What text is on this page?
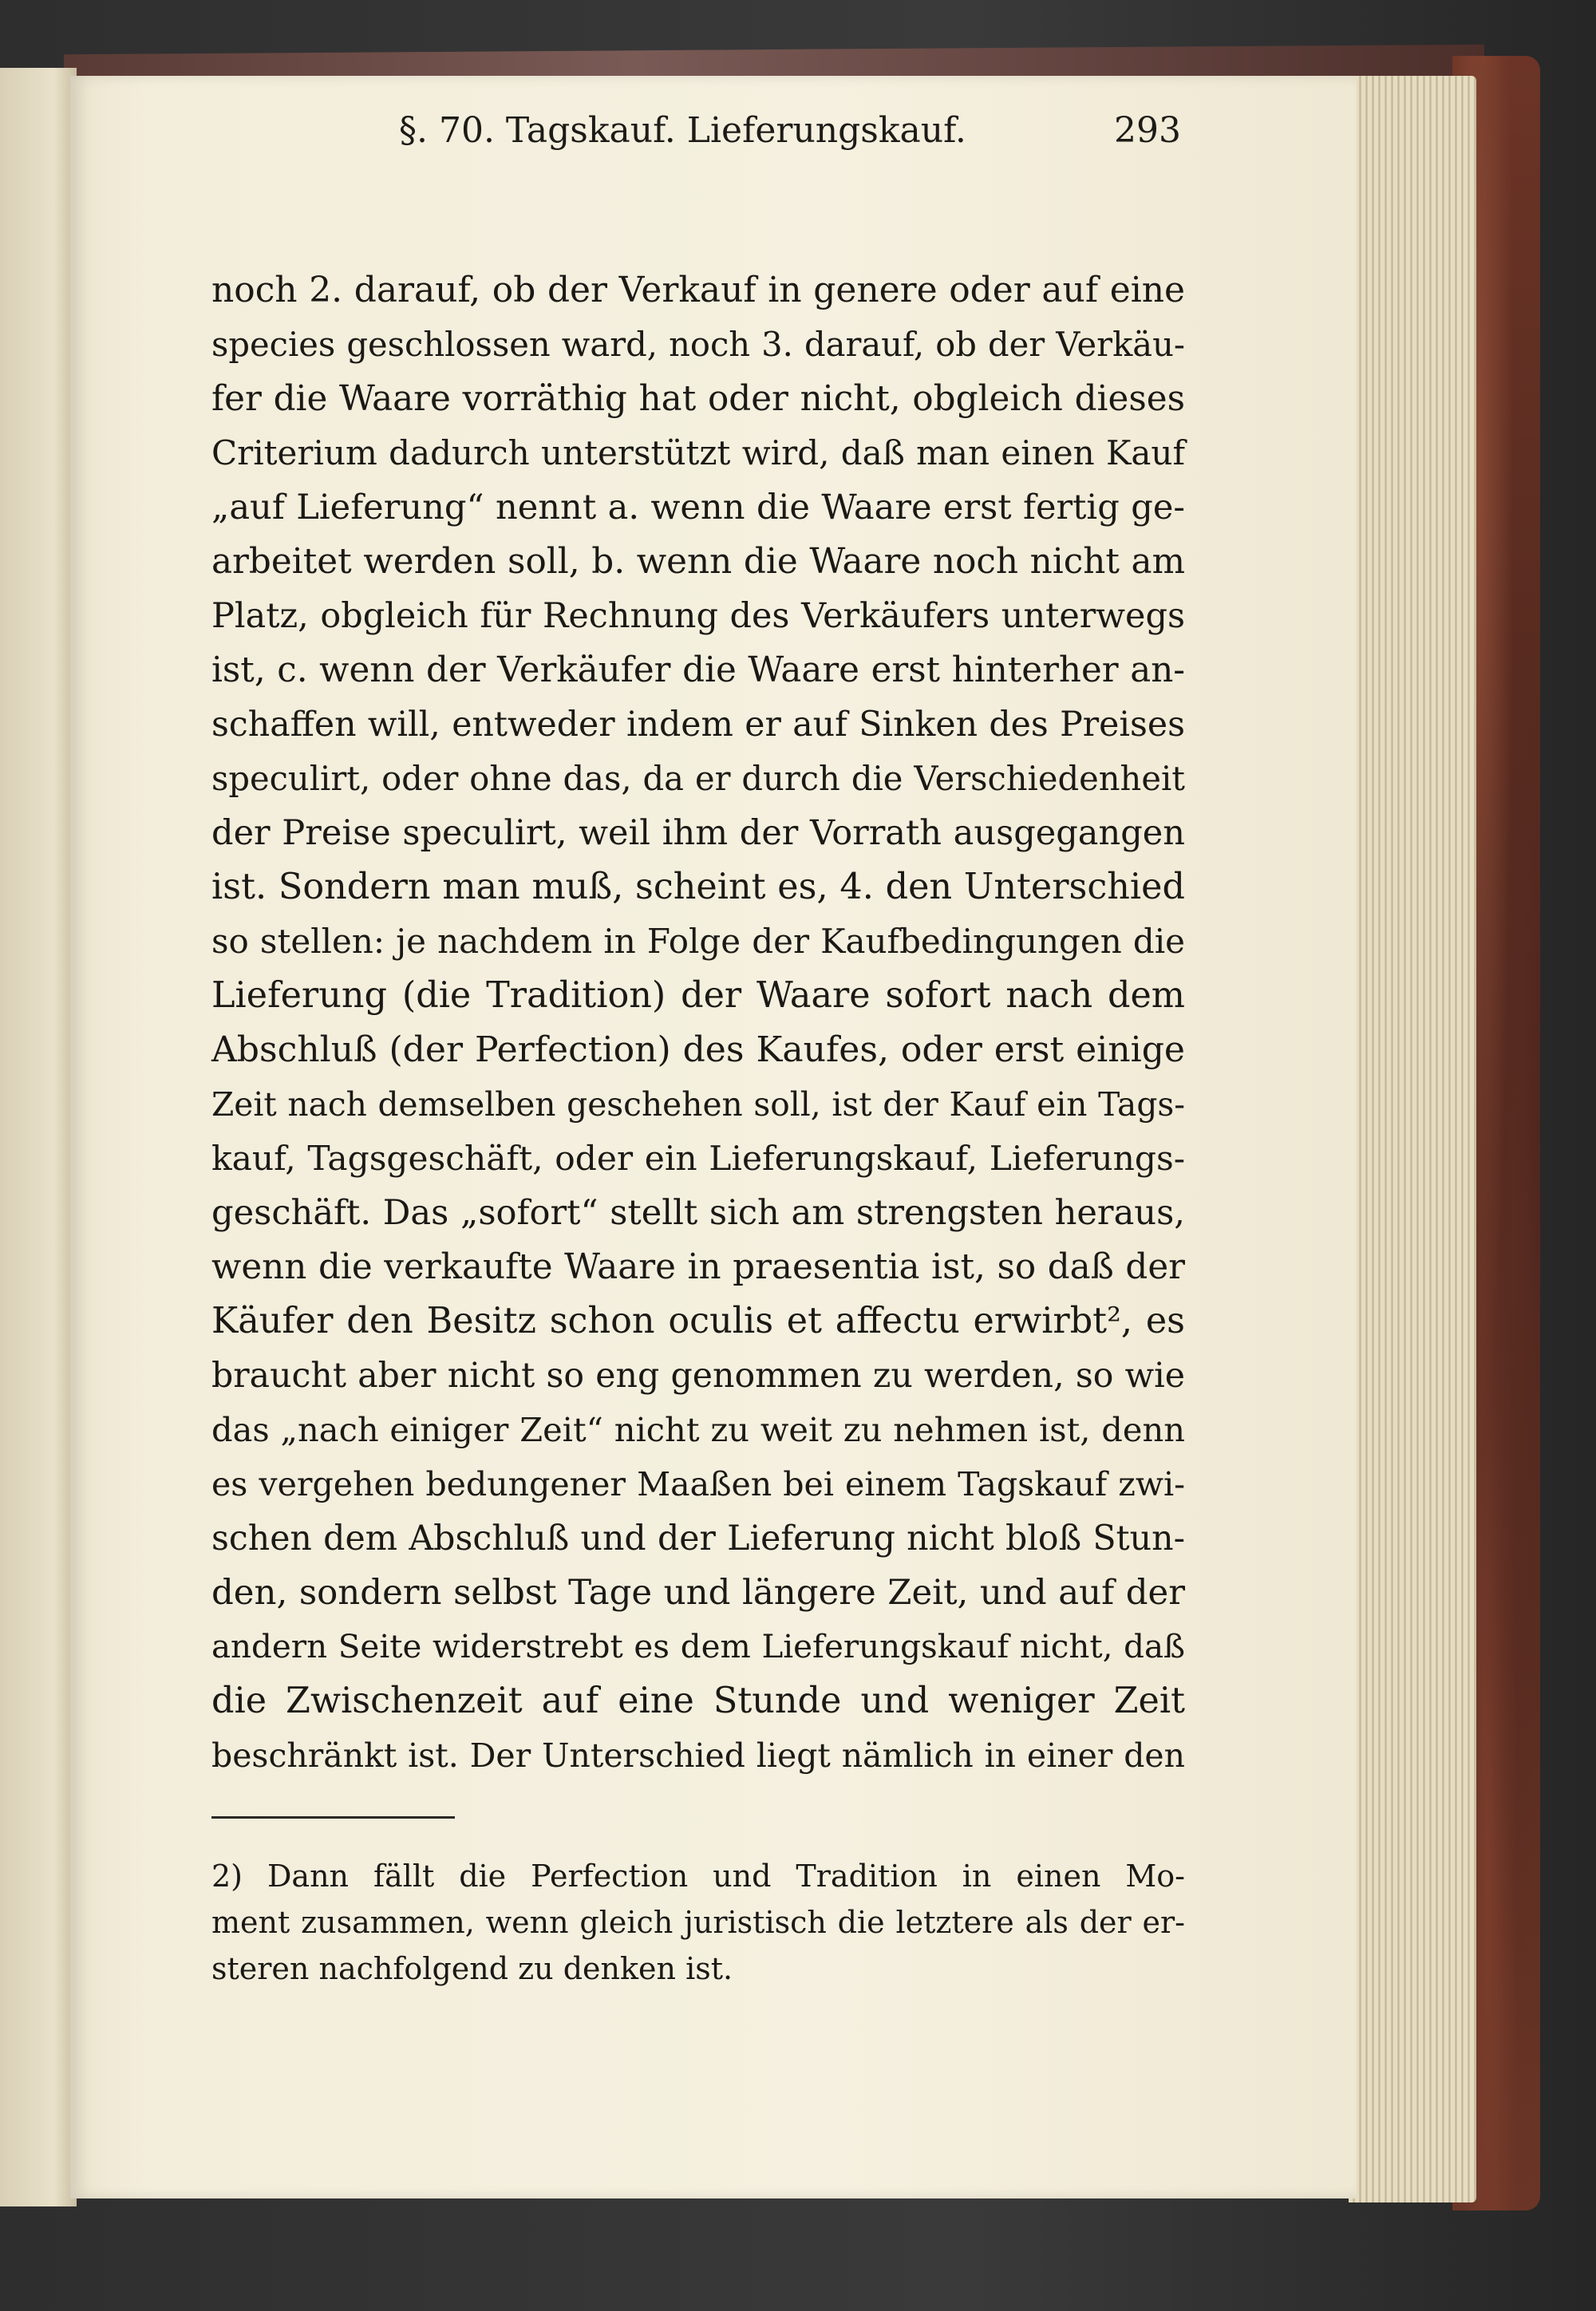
§. 70. Tagskauf. Lieferungskauf.	293
noch 2. darauf, ob der Verkauf in genere oder auf eine
species geschlossen ward, noch 3. darauf, ob der Verkäu-
fer die Waare vorräthig hat oder nicht, obgleich dieses
Criterium dadurch unterstützt wird, daß man einen Kauf
„auf Lieferung“ nennt a. wenn die Waare erst fertig ge-
arbeitet werden soll, b. wenn die Waare noch nicht am
Platz, obgleich für Rechnung des Verkäufers unterwegs
ist, c. wenn der Verkäufer die Waare erst hinterher an-
schaffen will, entweder indem er auf Sinken des Preises
speculirt, oder ohne das, da er durch die Verschiedenheit
der Preise speculirt, weil ihm der Vorrath ausgegangen
ist. Sondern man muß, scheint es, 4. den Unterschied
so stellen: je nachdem in Folge der Kaufbedingungen die
Lieferung (die Tradition) der Waare sofort nach dem
Abschluß (der Perfection) des Kaufes, oder erst einige
Zeit nach demselben geschehen soll, ist der Kauf ein Tags-
kauf, Tagsgeschäft, oder ein Lieferungskauf, Lieferungs-
geschäft. Das „sofort“ stellt sich am strengsten heraus,
wenn die verkaufte Waare in praesentia ist, so daß der
Käufer den Besitz schon oculis et affectu erwirbt², es
braucht aber nicht so eng genommen zu werden, so wie
das „nach einiger Zeit“ nicht zu weit zu nehmen ist, denn
es vergehen bedungener Maaßen bei einem Tagskauf zwi-
schen dem Abschluß und der Lieferung nicht bloß Stun-
den, sondern selbst Tage und längere Zeit, und auf der
andern Seite widerstrebt es dem Lieferungskauf nicht, daß
die Zwischenzeit auf eine Stunde und weniger Zeit
beschränkt ist. Der Unterschied liegt nämlich in einer den
2) Dann fällt die Perfection und Tradition in einen Mo-
ment zusammen, wenn gleich juristisch die letztere als der er-
steren nachfolgend zu denken ist.
